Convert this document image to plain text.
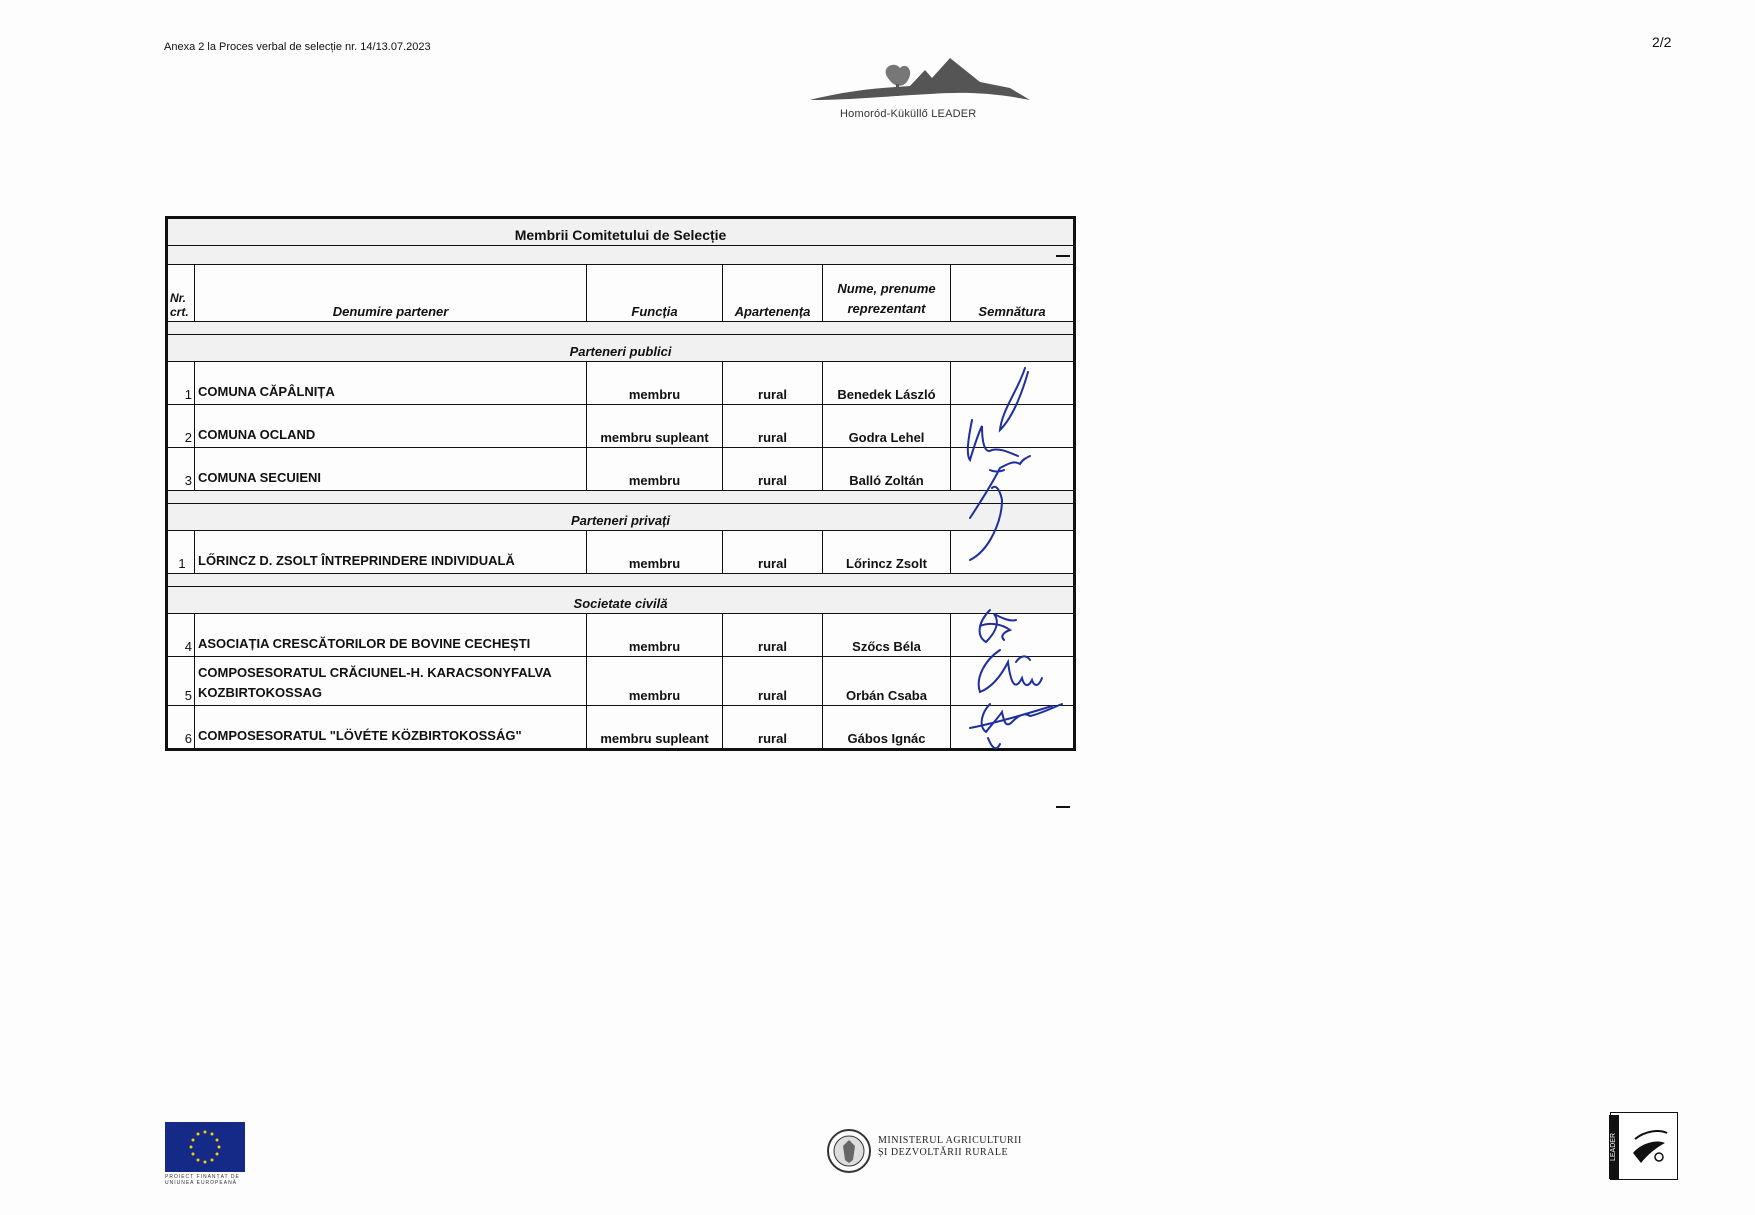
Anexa 2 la Proces verbal de selecție nr. 14/13.07.2023	2/2
Homoród-Küküllő LEADER
Membrii Comitetului de Selecție					

Nr. crt.	Denumire partener	Funcția	Apartenența	Nume, prenume reprezentant	Semnătura

Parteneri publici					
1	COMUNA CĂPÂLNIȚA	membru	rural	Benedek László	
2	COMUNA OCLAND	membru supleant	rural	Godra Lehel	
3	COMUNA SECUIENI	membru	rural	Balló Zoltán	

Parteneri privați					
1	LŐRINCZ D. ZSOLT ÎNTREPRINDERE INDIVIDUALĂ	membru	rural	Lőrincz Zsolt	

Societate civilă					
4	ASOCIAȚIA CRESCĂTORILOR DE BOVINE CECHEȘTI	membru	rural	Szőcs Béla	
5	COMPOSESORATUL CRĂCIUNEL-H. KARACSONYFALVA KOZBIRTOKOSSAG	membru	rural	Orbán Csaba	
6	COMPOSESORATUL "LÖVÉTE KÖZBIRTOKOSSÁG"	membru supleant	rural	Gábos Ignác	
PROIECT FINANȚAT DE UNIUNEA EUROPEANĂ
MINISTERUL AGRICULTURII
ȘI DEZVOLTĂRII RURALE	LEADER
